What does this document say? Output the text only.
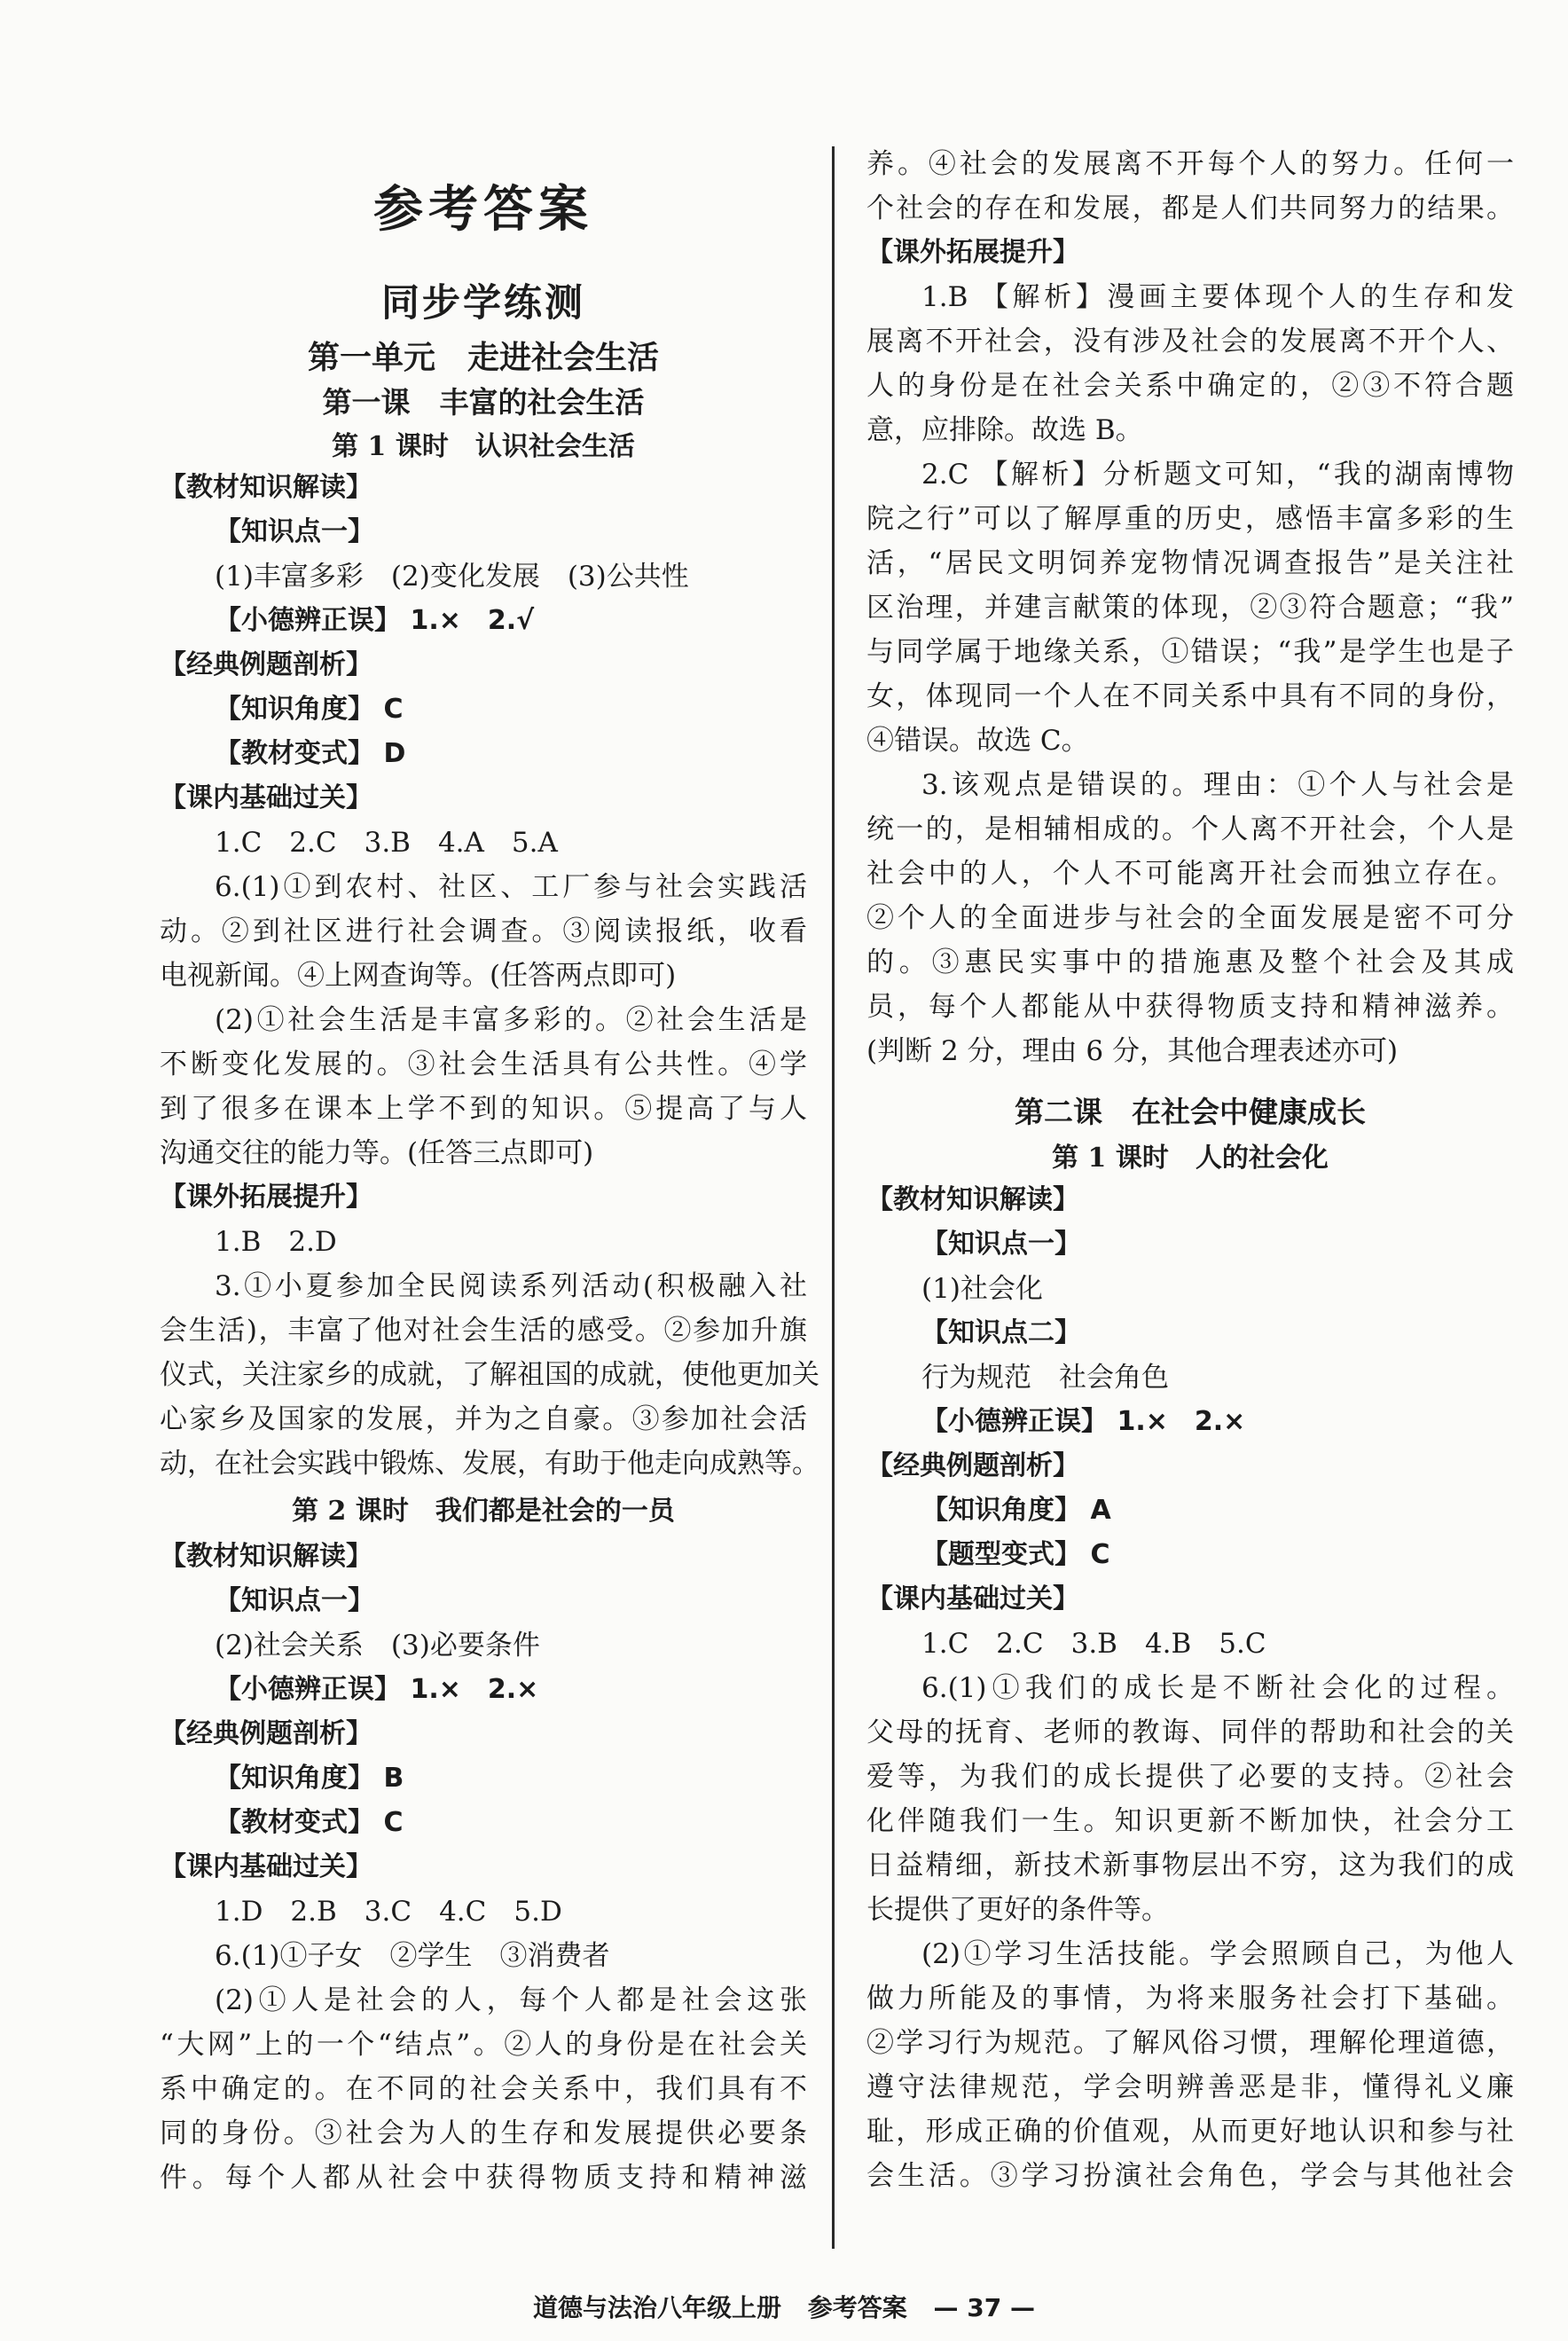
参考答案
同步学练测
第一单元　走进社会生活
第一课　丰富的社会生活
第 1 课时　认识社会生活
【教材知识解读】
【知识点一】
(1)丰富多彩　(2)变化发展　(3)公共性
【小德辨正误】 1.×　2.√
【经典例题剖析】
【知识角度】 C
【教材变式】 D
【课内基础过关】
1.C　2.C　3.B　4.A　5.A
6.(1)①到农村、社区、工厂参与社会实践活
动。②到社区进行社会调查。③阅读报纸，收看
电视新闻。④上网查询等。(任答两点即可)
(2)①社会生活是丰富多彩的。②社会生活是
不断变化发展的。③社会生活具有公共性。④学
到了很多在课本上学不到的知识。⑤提高了与人
沟通交往的能力等。(任答三点即可)
【课外拓展提升】
1.B　2.D
3.①小夏参加全民阅读系列活动(积极融入社
会生活)，丰富了他对社会生活的感受。②参加升旗
仪式，关注家乡的成就，了解祖国的成就，使他更加关
心家乡及国家的发展，并为之自豪。③参加社会活
动，在社会实践中锻炼、发展，有助于他走向成熟等。
第 2 课时　我们都是社会的一员
【教材知识解读】
【知识点一】
(2)社会关系　(3)必要条件
【小德辨正误】 1.×　2.×
【经典例题剖析】
【知识角度】 B
【教材变式】 C
【课内基础过关】
1.D　2.B　3.C　4.C　5.D
6.(1)①子女　②学生　③消费者
(2)①人是社会的人，每个人都是社会这张
“大网”上的一个“结点”。②人的身份是在社会关
系中确定的。在不同的社会关系中，我们具有不
同的身份。③社会为人的生存和发展提供必要条
件。每个人都从社会中获得物质支持和精神滋
养。④社会的发展离不开每个人的努力。任何一
个社会的存在和发展，都是人们共同努力的结果。
【课外拓展提升】
1.B 【解析】漫画主要体现个人的生存和发
展离不开社会，没有涉及社会的发展离不开个人、
人的身份是在社会关系中确定的，②③不符合题
意，应排除。故选 B。
2.C 【解析】分析题文可知，“我的湖南博物
院之行”可以了解厚重的历史，感悟丰富多彩的生
活，“居民文明饲养宠物情况调查报告”是关注社
区治理，并建言献策的体现，②③符合题意；“我”
与同学属于地缘关系，①错误；“我”是学生也是子
女，体现同一个人在不同关系中具有不同的身份，
④错误。故选 C。
3.该观点是错误的。理由：①个人与社会是
统一的，是相辅相成的。个人离不开社会，个人是
社会中的人，个人不可能离开社会而独立存在。
②个人的全面进步与社会的全面发展是密不可分
的。③惠民实事中的措施惠及整个社会及其成
员，每个人都能从中获得物质支持和精神滋养。
(判断 2 分，理由 6 分，其他合理表述亦可)
第二课　在社会中健康成长
第 1 课时　人的社会化
【教材知识解读】
【知识点一】
(1)社会化
【知识点二】
行为规范　社会角色
【小德辨正误】 1.×　2.×
【经典例题剖析】
【知识角度】 A
【题型变式】 C
【课内基础过关】
1.C　2.C　3.B　4.B　5.C
6.(1)①我们的成长是不断社会化的过程。
父母的抚育、老师的教诲、同伴的帮助和社会的关
爱等，为我们的成长提供了必要的支持。②社会
化伴随我们一生。知识更新不断加快，社会分工
日益精细，新技术新事物层出不穷，这为我们的成
长提供了更好的条件等。
(2)①学习生活技能。学会照顾自己，为他人
做力所能及的事情，为将来服务社会打下基础。
②学习行为规范。了解风俗习惯，理解伦理道德，
遵守法律规范，学会明辨善恶是非，懂得礼义廉
耻，形成正确的价值观，从而更好地认识和参与社
会生活。③学习扮演社会角色，学会与其他社会
道德与法治八年级上册 参考答案 — 37 —
